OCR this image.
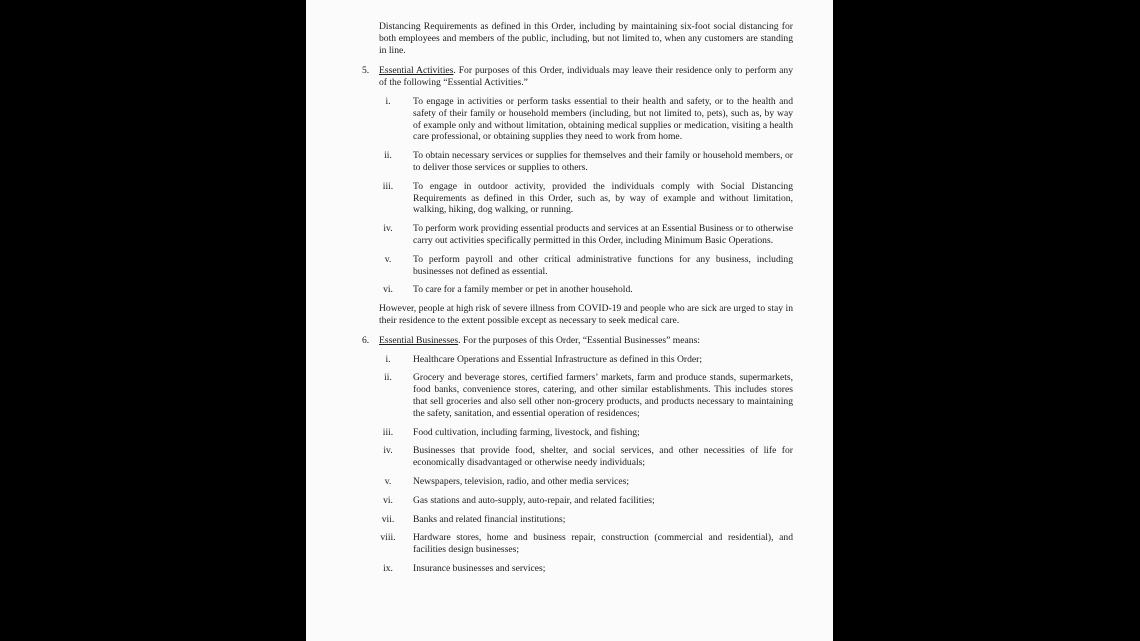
Distancing Requirements as defined in this Order, including by maintaining six-foot social distancing for both employees and members of the public, including, but not limited to, when any customers are standing in line.

5. Essential Activities. For purposes of this Order, individuals may leave their residence only to perform any of the following “Essential Activities.”

i.	To engage in activities or perform tasks essential to their health and safety, or to the health and safety of their family or household members (including, but not limited to, pets), such as, by way of example only and without limitation, obtaining medical supplies or medication, visiting a health care professional, or obtaining supplies they need to work from home.

ii.	To obtain necessary services or supplies for themselves and their family or household members, or to deliver those services or supplies to others.

iii.	To engage in outdoor activity, provided the individuals comply with Social Distancing Requirements as defined in this Order, such as, by way of example and without limitation, walking, hiking, dog walking, or running.

iv.	To perform work providing essential products and services at an Essential Business or to otherwise carry out activities specifically permitted in this Order, including Minimum Basic Operations.

v.	To perform payroll and other critical administrative functions for any business, including businesses not defined as essential.

vi.	To care for a family member or pet in another household.

However, people at high risk of severe illness from COVID-19 and people who are sick are urged to stay in their residence to the extent possible except as necessary to seek medical care.

6. Essential Businesses. For the purposes of this Order, “Essential Businesses” means:

i.	Healthcare Operations and Essential Infrastructure as defined in this Order;

ii.	Grocery and beverage stores, certified farmers’ markets, farm and produce stands, supermarkets, food banks, convenience stores, catering, and other similar establishments. This includes stores that sell groceries and also sell other non-grocery products, and products necessary to maintaining the safety, sanitation, and essential operation of residences;

iii.	Food cultivation, including farming, livestock, and fishing;

iv.	Businesses that provide food, shelter, and social services, and other necessities of life for economically disadvantaged or otherwise needy individuals;

v.	Newspapers, television, radio, and other media services;

vi.	Gas stations and auto-supply, auto-repair, and related facilities;

vii.	Banks and related financial institutions;

viii.	Hardware stores, home and business repair, construction (commercial and residential), and facilities design businesses;

ix.	Insurance businesses and services;
